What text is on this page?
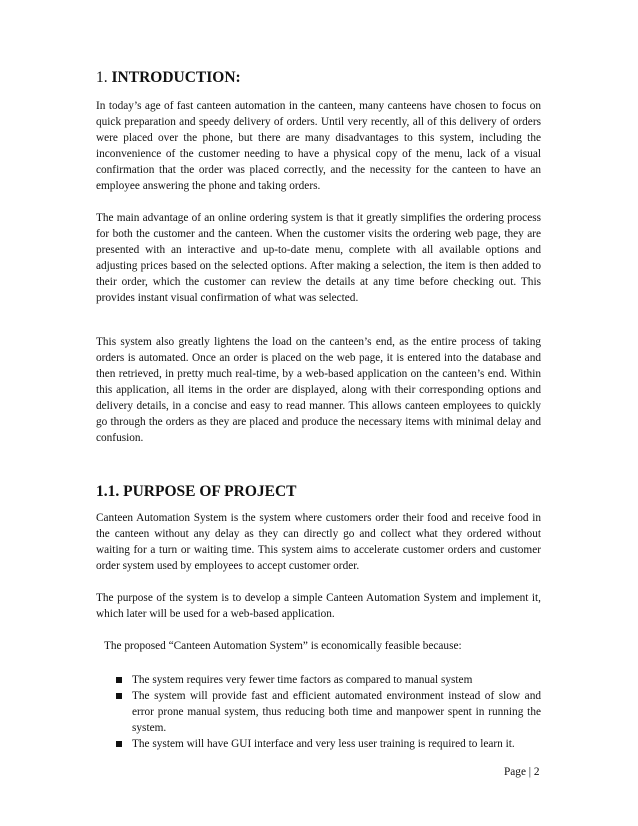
1. INTRODUCTION:

In today’s age of fast canteen automation in the canteen, many canteens have chosen to focus on quick preparation and speedy delivery of orders. Until very recently, all of this delivery of orders were placed over the phone, but there are many disadvantages to this system, including the inconvenience of the customer needing to have a physical copy of the menu, lack of a visual confirmation that the order was placed correctly, and the necessity for the canteen to have an employee answering the phone and taking orders.

The main advantage of an online ordering system is that it greatly simplifies the ordering process for both the customer and the canteen. When the customer visits the ordering web page, they are presented with an interactive and up-to-date menu, complete with all available options and adjusting prices based on the selected options. After making a selection, the item is then added to their order, which the customer can review the details at any time before checking out. This provides instant visual confirmation of what was selected.

This system also greatly lightens the load on the canteen’s end, as the entire process of taking orders is automated. Once an order is placed on the web page, it is entered into the database and then retrieved, in pretty much real-time, by a web-based application on the canteen’s end. Within this application, all items in the order are displayed, along with their corresponding options and delivery details, in a concise and easy to read manner. This allows canteen employees to quickly go through the orders as they are placed and produce the necessary items with minimal delay and confusion.

1.1. PURPOSE OF PROJECT

Canteen Automation System is the system where customers order their food and receive food in the canteen without any delay as they can directly go and collect what they ordered without waiting for a turn or waiting time. This system aims to accelerate customer orders and customer order system used by employees to accept customer order.

The purpose of the system is to develop a simple Canteen Automation System and implement it, which later will be used for a web-based application.

The proposed “Canteen Automation System” is economically feasible because:

The system requires very fewer time factors as compared to manual system
The system will provide fast and efficient automated environment instead of slow and error prone manual system, thus reducing both time and manpower spent in running the system.
The system will have GUI interface and very less user training is required to learn it.
Page | 2
